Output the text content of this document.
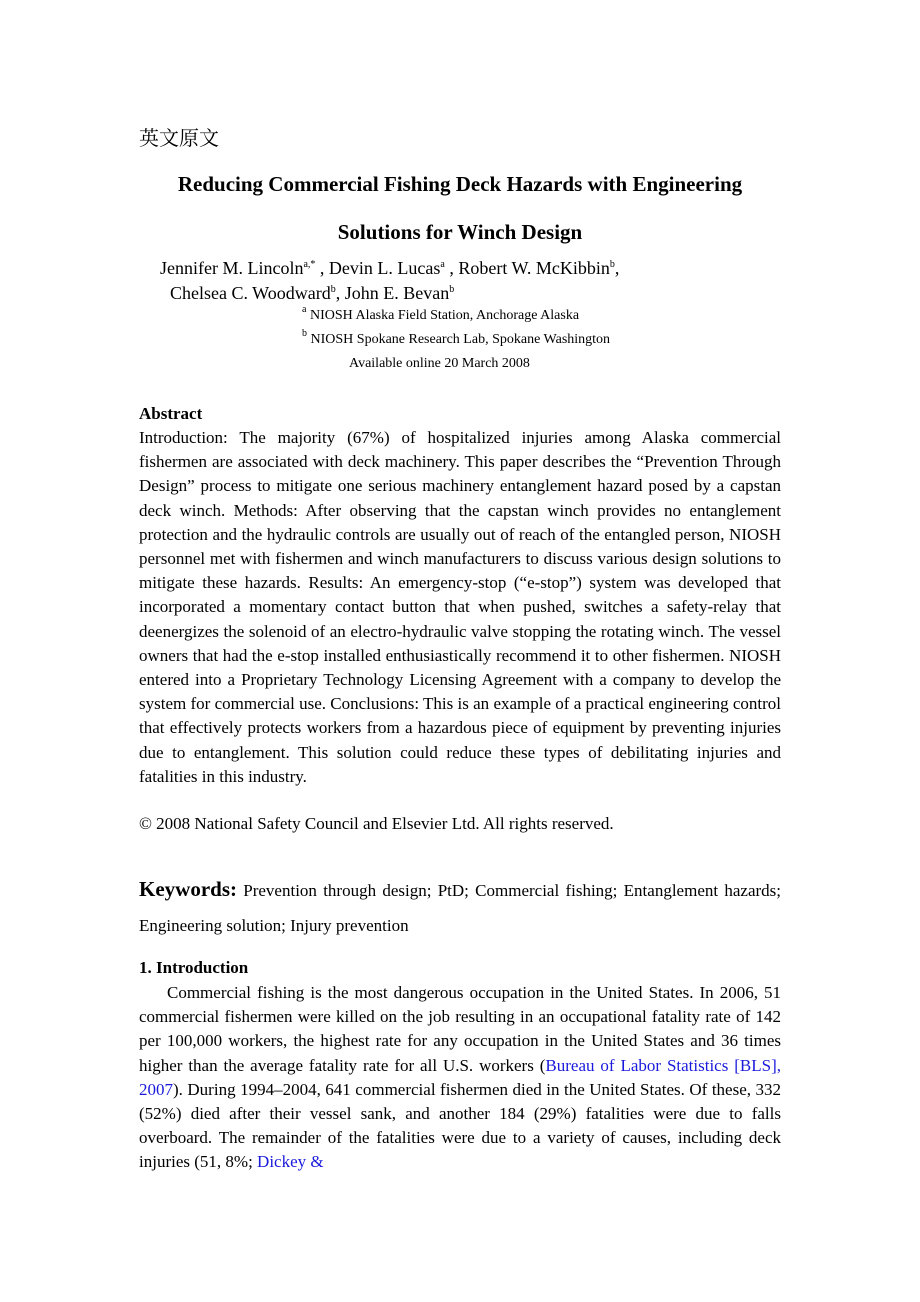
英文原文
Reducing Commercial Fishing Deck Hazards with Engineering
Solutions for Winch Design
Jennifer M. Lincoln$^{a,*}$ , Devin L. Lucas$^a$ , Robert W. McKibbin$^b$,
Chelsea C. Woodward$^b$, John E. Bevan$^b$
$^a$ NIOSH Alaska Field Station, Anchorage Alaska
$^b$ NIOSH Spokane Research Lab, Spokane Washington
Available online 20 March 2008
Abstract
Introduction: The majority (67%) of hospitalized injuries among Alaska commercial fishermen are associated with deck machinery. This paper describes the “Prevention Through Design” process to mitigate one serious machinery entanglement hazard posed by a capstan deck winch. Methods: After observing that the capstan winch provides no entanglement protection and the hydraulic controls are usually out of reach of the entangled person, NIOSH personnel met with fishermen and winch manufacturers to discuss various design solutions to mitigate these hazards. Results: An emergency-stop (“e-stop”) system was developed that incorporated a momentary contact button that when pushed, switches a safety-relay that deenergizes the solenoid of an electro-hydraulic valve stopping the rotating winch. The vessel owners that had the e-stop installed enthusiastically recommend it to other fishermen. NIOSH entered into a Proprietary Technology Licensing Agreement with a company to develop the system for commercial use. Conclusions: This is an example of a practical engineering control that effectively protects workers from a hazardous piece of equipment by preventing injuries due to entanglement. This solution could reduce these types of debilitating injuries and fatalities in this industry.
© 2008 National Safety Council and Elsevier Ltd. All rights reserved.
Keywords: Prevention through design; PtD; Commercial fishing; Entanglement hazards; Engineering solution; Injury prevention
1. Introduction
Commercial fishing is the most dangerous occupation in the United States. In 2006, 51 commercial fishermen were killed on the job resulting in an occupational fatality rate of 142 per 100,000 workers, the highest rate for any occupation in the United States and 36 times higher than the average fatality rate for all U.S. workers (Bureau of Labor Statistics [BLS], 2007). During 1994–2004, 641 commercial fishermen died in the United States. Of these, 332 (52%) died after their vessel sank, and another 184 (29%) fatalities were due to falls overboard. The remainder of the fatalities were due to a variety of causes, including deck injuries (51, 8%; Dickey &
